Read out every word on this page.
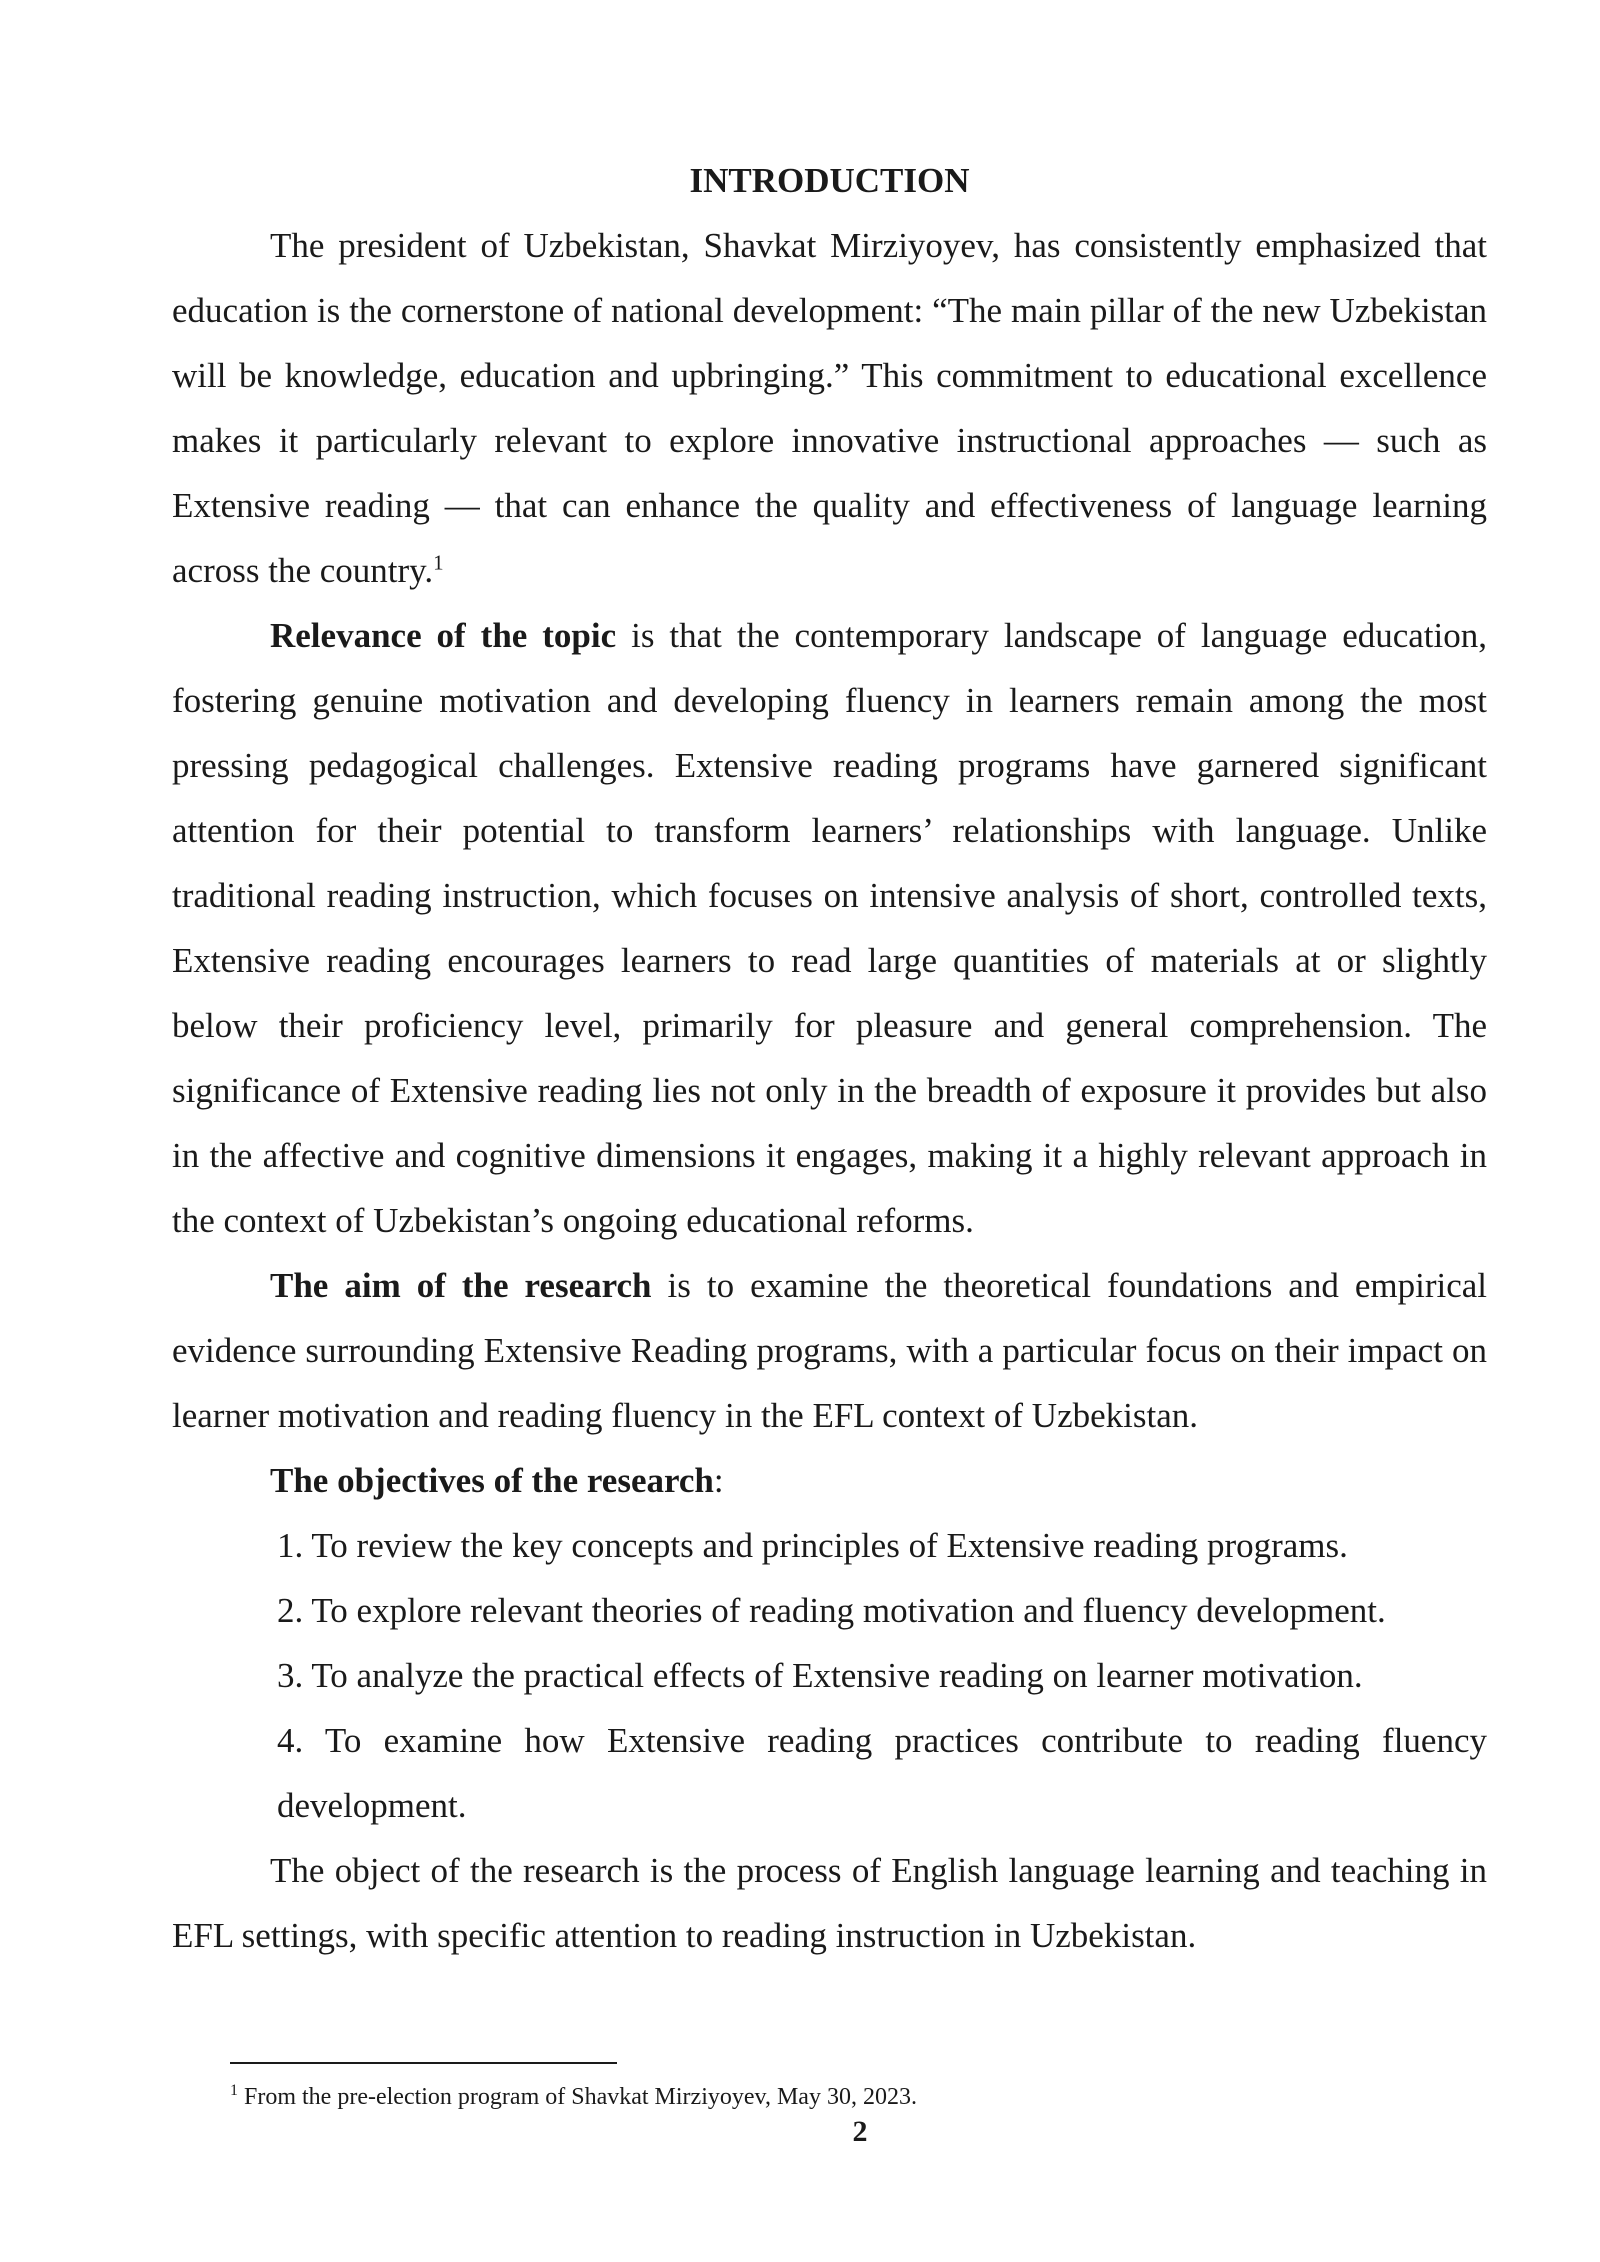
INTRODUCTION

The president of Uzbekistan, Shavkat Mirziyoyev, has consistently emphasized that education is the cornerstone of national development: “The main pillar of the new Uzbekistan will be knowledge, education and upbringing.” This commitment to educational excellence makes it particularly relevant to explore innovative instructional approaches — such as Extensive reading — that can enhance the quality and effectiveness of language learning across the country.$^1$

Relevance of the topic is that the contemporary landscape of language education, fostering genuine motivation and developing fluency in learners remain among the most pressing pedagogical challenges. Extensive reading programs have garnered significant attention for their potential to transform learners’ relationships with language. Unlike traditional reading instruction, which focuses on intensive analysis of short, controlled texts, Extensive reading encourages learners to read large quantities of materials at or slightly below their proficiency level, primarily for pleasure and general comprehension. The significance of Extensive reading lies not only in the breadth of exposure it provides but also in the affective and cognitive dimensions it engages, making it a highly relevant approach in the context of Uzbekistan’s ongoing educational reforms.

The aim of the research is to examine the theoretical foundations and empirical evidence surrounding Extensive Reading programs, with a particular focus on their impact on learner motivation and reading fluency in the EFL context of Uzbekistan.

The objectives of the research:

1. To review the key concepts and principles of Extensive reading programs.
2. To explore relevant theories of reading motivation and fluency development.
3. To analyze the practical effects of Extensive reading on learner motivation.
4. To examine how Extensive reading practices contribute to reading fluency development.

The object of the research is the process of English language learning and teaching in EFL settings, with specific attention to reading instruction in Uzbekistan.

$^1$ From the pre-election program of Shavkat Mirziyoyev, May 30, 2023.
2
